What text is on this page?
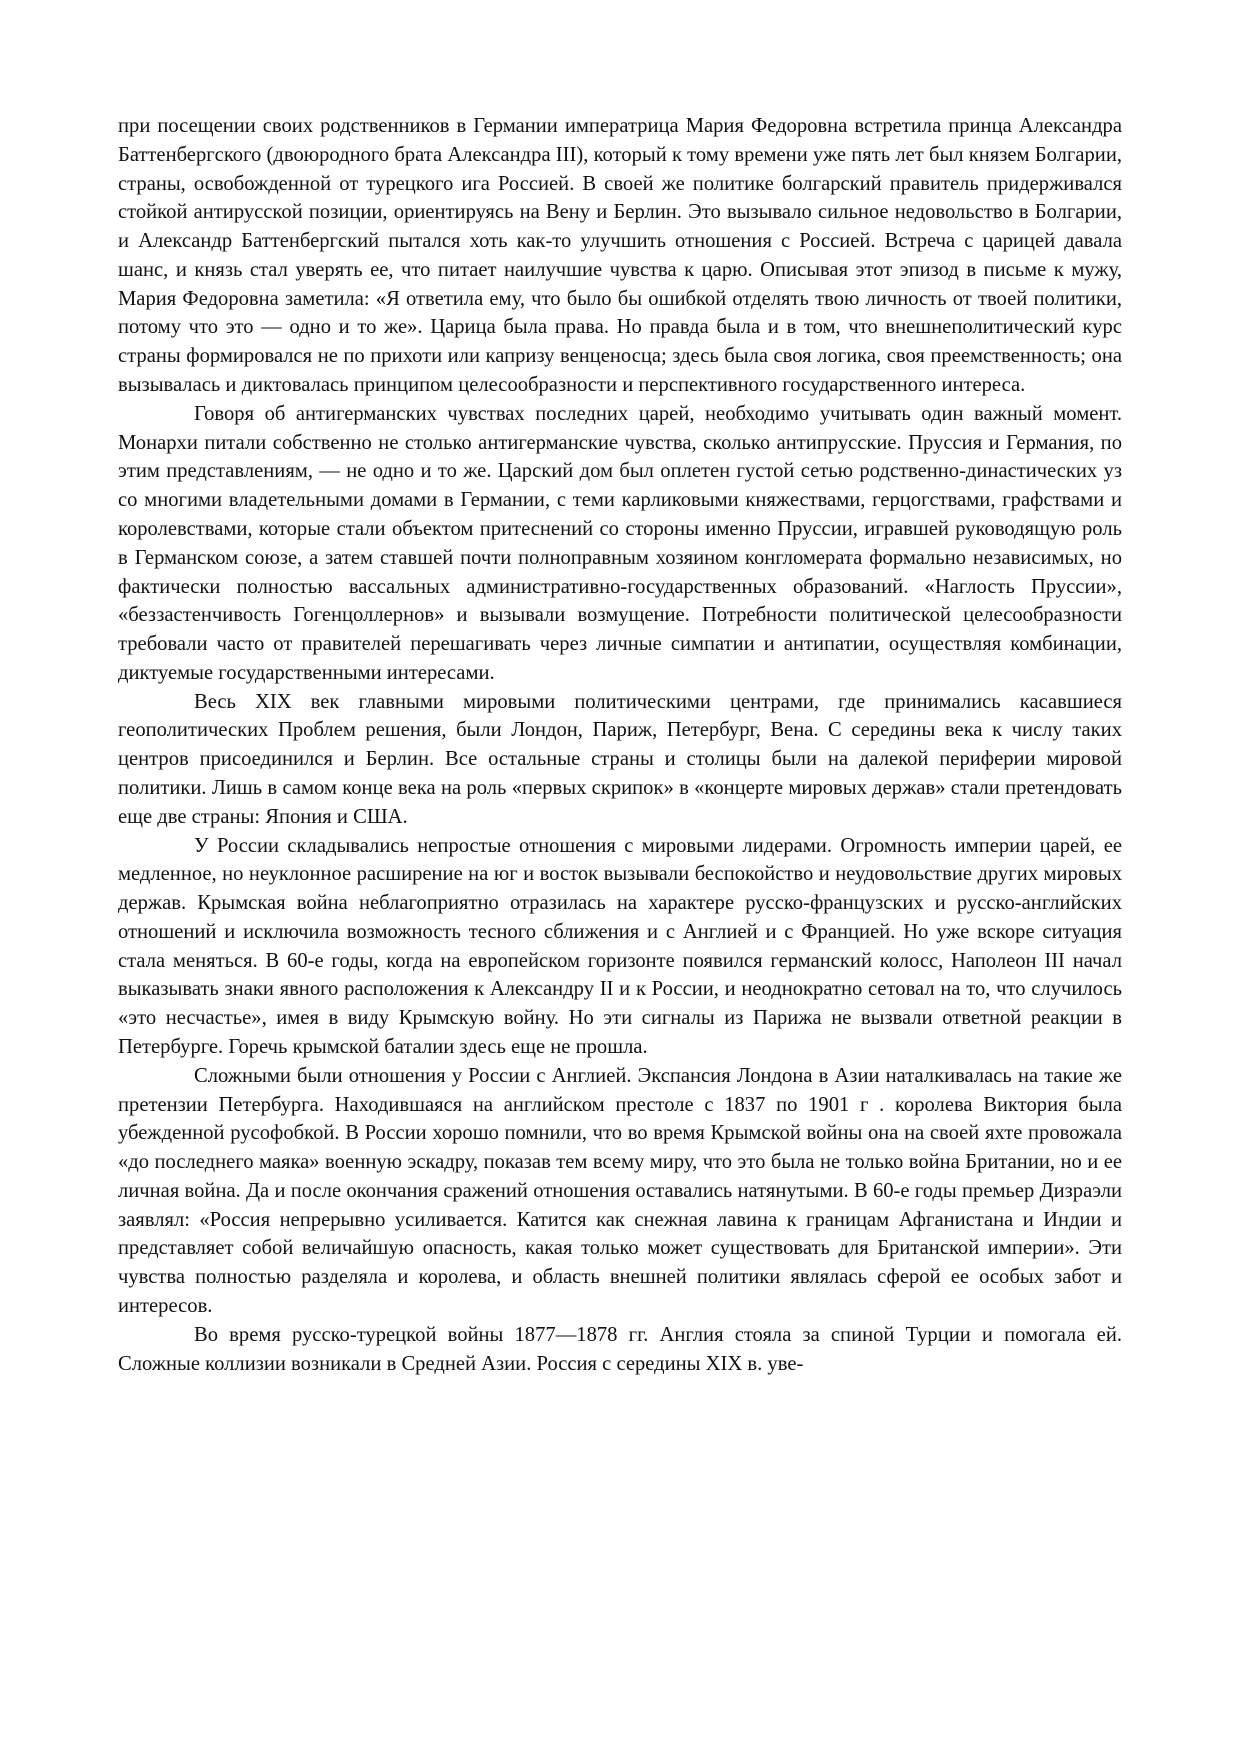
при посещении своих родственников в Германии императрица Мария Федоровна встретила принца Александра Баттенбергского (двоюродного брата Александра III), который к тому времени уже пять лет был князем Болгарии, страны, освобожденной от турецкого ига Россией. В своей же политике болгарский правитель придерживался стойкой антирусской позиции, ориентируясь на Вену и Берлин. Это вызывало сильное недовольство в Болгарии, и Александр Баттенбергский пытался хоть как-то улучшить отношения с Россией. Встреча с царицей давала шанс, и князь стал уверять ее, что питает наилучшие чувства к царю. Описывая этот эпизод в письме к мужу, Мария Федоровна заметила: «Я ответила ему, что было бы ошибкой отделять твою личность от твоей политики, потому что это — одно и то же». Царица была права. Но правда была и в том, что внешнеполитический курс страны формировался не по прихоти или капризу венценосца; здесь была своя логика, своя преемственность; она вызывалась и диктовалась принципом целесообразности и перспективного государственного интереса.

Говоря об антигерманских чувствах последних царей, необходимо учитывать один важный момент. Монархи питали собственно не столько антигерманские чувства, сколько антипрусские. Пруссия и Германия, по этим представлениям, — не одно и то же. Царский дом был оплетен густой сетью родственно-династических уз со многими владетельными домами в Германии, с теми карликовыми княжествами, герцогствами, графствами и королевствами, которые стали объектом притеснений со стороны именно Пруссии, игравшей руководящую роль в Германском союзе, а затем ставшей почти полноправным хозяином конгломерата формально независимых, но фактически полностью вассальных административно-государственных образований. «Наглость Пруссии», «беззастенчивость Гогенцоллернов» и вызывали возмущение. Потребности политической целесообразности требовали часто от правителей перешагивать через личные симпатии и антипатии, осуществляя комбинации, диктуемые государственными интересами.

Весь XIX век главными мировыми политическими центрами, где принимались касавшиеся геополитических Проблем решения, были Лондон, Париж, Петербург, Вена. С середины века к числу таких центров присоединился и Берлин. Все остальные страны и столицы были на далекой периферии мировой политики. Лишь в самом конце века на роль «первых скрипок» в «концерте мировых держав» стали претендовать еще две страны: Япония и США.

У России складывались непростые отношения с мировыми лидерами. Огромность империи царей, ее медленное, но неуклонное расширение на юг и восток вызывали беспокойство и неудовольствие других мировых держав. Крымская война неблагоприятно отразилась на характере русско-французских и русско-английских отношений и исключила возможность тесного сближения и с Англией и с Францией. Но уже вскоре ситуация стала меняться. В 60-е годы, когда на европейском горизонте появился германский колосс, Наполеон III начал выказывать знаки явного расположения к Александру II и к России, и неоднократно сетовал на то, что случилось «это несчастье», имея в виду Крымскую войну. Но эти сигналы из Парижа не вызвали ответной реакции в Петербурге. Горечь крымской баталии здесь еще не прошла.

Сложными были отношения у России с Англией. Экспансия Лондона в Азии наталкивалась на такие же претензии Петербурга. Находившаяся на английском престоле с 1837 по 1901 г . королева Виктория была убежденной русофобкой. В России хорошо помнили, что во время Крымской войны она на своей яхте провожала «до последнего маяка» военную эскадру, показав тем всему миру, что это была не только война Британии, но и ее личная война. Да и после окончания сражений отношения оставались натянутыми. В 60-е годы премьер Дизраэли заявлял: «Россия непрерывно усиливается. Катится как снежная лавина к границам Афганистана и Индии и представляет собой величайшую опасность, какая только может существовать для Британской империи». Эти чувства полностью разделяла и королева, и область внешней политики являлась сферой ее особых забот и интересов.

Во время русско-турецкой войны 1877—1878 гг. Англия стояла за спиной Турции и помогала ей. Сложные коллизии возникали в Средней Азии. Россия с середины XIX в. уве-
